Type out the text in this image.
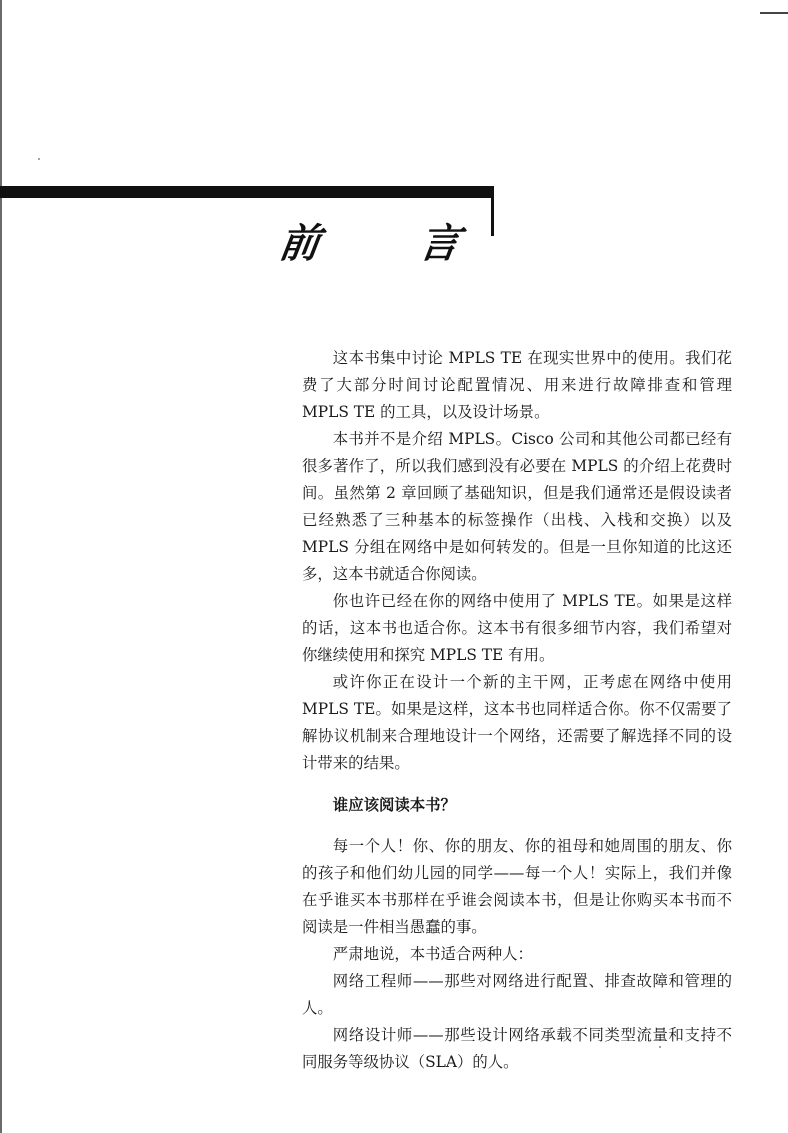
前 言

这本书集中讨论 MPLS TE 在现实世界中的使用。我们花费了大部分时间讨论配置情况、用来进行故障排查和管理 MPLS TE 的工具，以及设计场景。

本书并不是介绍 MPLS。Cisco 公司和其他公司都已经有很多著作了，所以我们感到没有必要在 MPLS 的介绍上花费时间。虽然第 2 章回顾了基础知识，但是我们通常还是假设读者已经熟悉了三种基本的标签操作（出栈、入栈和交换）以及 MPLS 分组在网络中是如何转发的。但是一旦你知道的比这还多，这本书就适合你阅读。

你也许已经在你的网络中使用了 MPLS TE。如果是这样的话，这本书也适合你。这本书有很多细节内容，我们希望对你继续使用和探究 MPLS TE 有用。

或许你正在设计一个新的主干网，正考虑在网络中使用 MPLS TE。如果是这样，这本书也同样适合你。你不仅需要了解协议机制来合理地设计一个网络，还需要了解选择不同的设计带来的结果。

谁应该阅读本书？

每一个人！你、你的朋友、你的祖母和她周围的朋友、你的孩子和他们幼儿园的同学——每一个人！实际上，我们并像在乎谁买本书那样在乎谁会阅读本书，但是让你购买本书而不阅读是一件相当愚蠢的事。

严肃地说，本书适合两种人：

网络工程师——那些对网络进行配置、排查故障和管理的人。

网络设计师——那些设计网络承载不同类型流量和支持不同服务等级协议（SLA）的人。
